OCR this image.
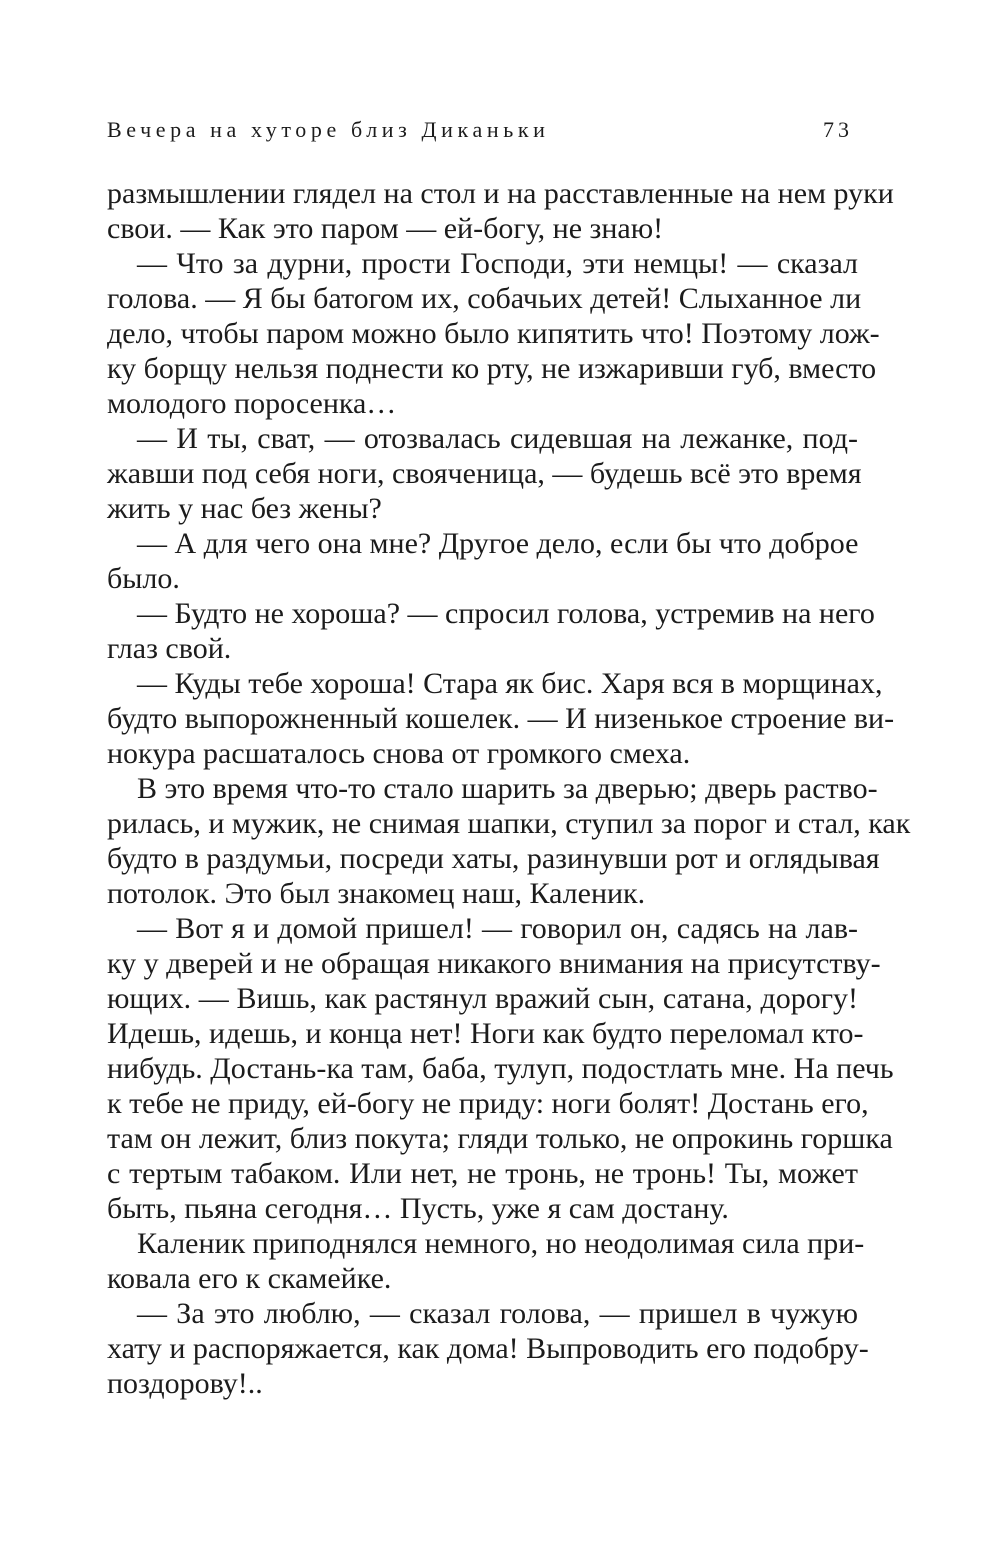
Вечера на хуторе близ Диканьки	73
размышлении глядел на стол и на расставленные на нем руки
свои. — Как это паром — ей-богу, не знаю!
— Что за дурни, прости Господи, эти немцы! — сказал
голова. — Я бы батогом их, собачьих детей! Слыханное ли
дело, чтобы паром можно было кипятить что! Поэтому лож-
ку борщу нельзя поднести ко рту, не изжаривши губ, вместо
молодого поросенка…
— И ты, сват, — отозвалась сидевшая на лежанке, под-
жавши под себя ноги, свояченица, — будешь всё это время
жить у нас без жены?
— А для чего она мне? Другое дело, если бы что доброе
было.
— Будто не хороша? — спросил голова, устремив на него
глаз свой.
— Куды тебе хороша! Стара як бис. Харя вся в морщинах,
будто выпорожненный кошелек. — И низенькое строение ви-
нокура расшаталось снова от громкого смеха.
В это время что-то стало шарить за дверью; дверь раство-
рилась, и мужик, не снимая шапки, ступил за порог и стал, как
будто в раздумьи, посреди хаты, разинувши рот и оглядывая
потолок. Это был знакомец наш, Каленик.
— Вот я и домой пришел! — говорил он, садясь на лав-
ку у дверей и не обращая никакого внимания на присутству-
ющих. — Вишь, как растянул вражий сын, сатана, дорогу!
Идешь, идешь, и конца нет! Ноги как будто переломал кто-
нибудь. Достань-ка там, баба, тулуп, подостлать мне. На печь
к тебе не приду, ей-богу не приду: ноги болят! Достань его,
там он лежит, близ покута; гляди только, не опрокинь горшка
с тертым табаком. Или нет, не тронь, не тронь! Ты, может
быть, пьяна сегодня… Пусть, уже я сам достану.
Каленик приподнялся немного, но неодолимая сила при-
ковала его к скамейке.
— За это люблю, — сказал голова, — пришел в чужую
хату и распоряжается, как дома! Выпроводить его подобру-
поздорову!..
